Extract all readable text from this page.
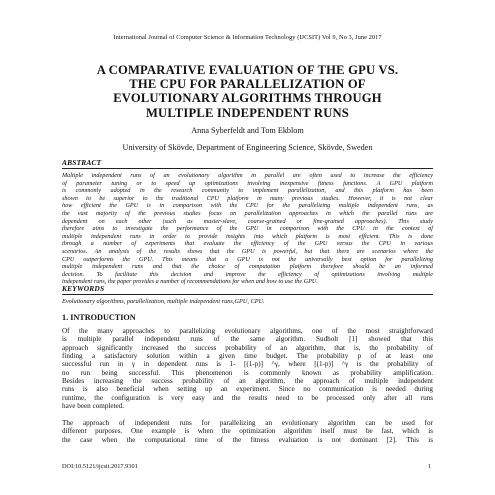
International Journal of Computer Science & Information Technology (IJCSIT) Vol 9, No 3, June 2017
A COMPARATIVE EVALUATION OF THE GPU VS.
THE CPU FOR PARALLELIZATION OF
EVOLUTIONARY ALGORITHMS THROUGH
MULTIPLE INDEPENDENT RUNS
Anna Syberfeldt and Tom Ekblom
University of Skövde, Department of Engineering Science, Skövde, Sweden
ABSTRACT
Multiple independent runs of an evolutionary algorithm in parallel are often used to increase the efficiency
of parameter tuning or to speed up optimizations involving inexpensive fitness functions. A GPU platform
is commonly adopted in the research community to implement parallelization, and this platform has been
shown to be superior to the traditional CPU platform in many previous studies. However, it is not clear
how efficient the GPU is in comparison with the CPU for the parallelizing multiple independent runs, as
the vast majority of the previous studies focus on parallelization approaches in which the parallel runs are
dependent on each other (such as master-slave, coarse-grained or fine-grained approaches). This study
therefore aims to investigate the performance of the GPU in comparison with the CPU in the context of
multiple independent runs in order to provide insights into which platform is most efficient. This is done
through a number of experiments that evaluate the efficiency of the GPU versus the CPU in various
scenarios. An analysis of the results shows that the GPU is powerful, but that there are scenarios where the
CPU outperforms the GPU. This means that a GPU is not the universally best option for parallelizing
multiple independent runs and that the choice of computation platform therefore should be an informed
decision. To facilitate this decision and improve the efficiency of optimizations involving multiple
independent runs, the paper provides a number of recommendations for when and how to use the GPU.
KEYWORDS
Evolutionary algorithms, parallelization, multiple independent runs,GPU, CPU.
1. INTRODUCTION
Of the many approaches to parallelizing evolutionary algorithms, one of the most straightforward
is multiple parallel independent runs of the same algorithm. Sudholt [1] showed that this
approach significantly increased the success probability of an algorithm, that is, the probability of
finding a satisfactory solution within a given time budget. The probability p of at least one
successful run in γ in dependent runs is 1- [(1-p)] ^γ, where [(1-p)] ^γ is the probability of
no run being successful. This phenomenon is commonly known as probability amplification.
Besides increasing the success probability of an algorithm, the approach of multiple independent
runs is also beneficial when setting up an experiment. Since no communication is needed during
runtime, the configuration is very easy and the results need to be processed only after all runs
have been completed.
The approach of independent runs for parallelizing an evolutionary algorithm can be used for
different purposes. One example is when the optimization algorithm itself must be fast, which is
the case when the computational time of the fitness evaluation is not dominant [2]. This is
DOI:10.5121/ijcsit.2017.9301	1
